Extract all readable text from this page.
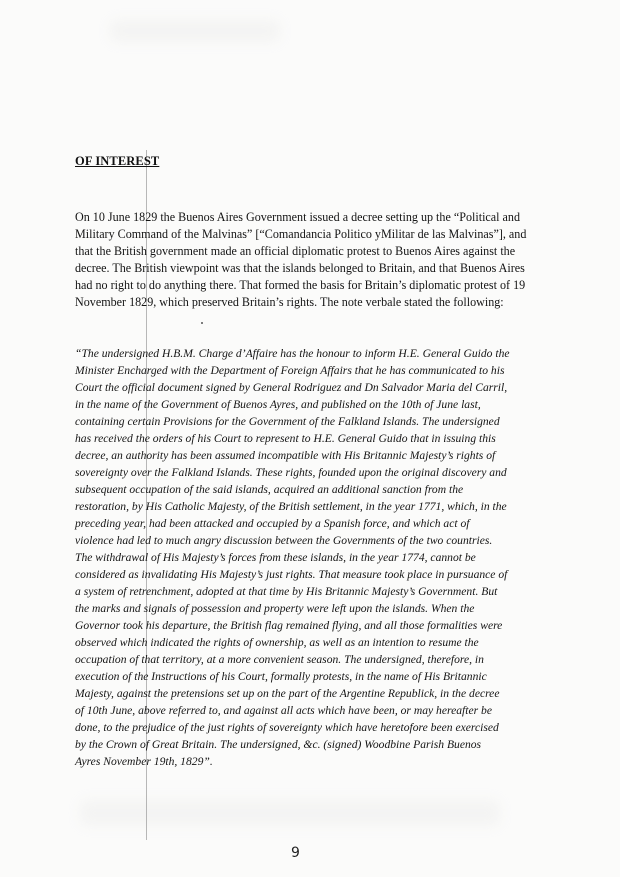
OF INTEREST
On 10 June 1829 the Buenos Aires Government issued a decree setting up the “Political and
Military Command of the Malvinas” [“Comandancia Politico yMilitar de las Malvinas”], and
that the British government made an official diplomatic protest to Buenos Aires against the
decree. The British viewpoint was that the islands belonged to Britain, and that Buenos Aires
had no right to do anything there. That formed the basis for Britain’s diplomatic protest of 19
November 1829, which preserved Britain’s rights. The note verbale stated the following:
“The undersigned H.B.M. Charge d’Affaire has the honour to inform H.E. General Guido the
Minister Encharged with the Department of Foreign Affairs that he has communicated to his
Court the official document signed by General Rodriguez and Dn Salvador Maria del Carril,
in the name of the Government of Buenos Ayres, and published on the 10th of June last,
containing certain Provisions for the Government of the Falkland Islands. The undersigned
has received the orders of his Court to represent to H.E. General Guido that in issuing this
decree, an authority has been assumed incompatible with His Britannic Majesty’s rights of
sovereignty over the Falkland Islands. These rights, founded upon the original discovery and
subsequent occupation of the said islands, acquired an additional sanction from the
restoration, by His Catholic Majesty, of the British settlement, in the year 1771, which, in the
preceding year, had been attacked and occupied by a Spanish force, and which act of
violence had led to much angry discussion between the Governments of the two countries.
The withdrawal of His Majesty’s forces from these islands, in the year 1774, cannot be
considered as invalidating His Majesty’s just rights. That measure took place in pursuance of
a system of retrenchment, adopted at that time by His Britannic Majesty’s Government. But
the marks and signals of possession and property were left upon the islands. When the
Governor took his departure, the British flag remained flying, and all those formalities were
observed which indicated the rights of ownership, as well as an intention to resume the
occupation of that territory, at a more convenient season. The undersigned, therefore, in
execution of the Instructions of his Court, formally protests, in the name of His Britannic
Majesty, against the pretensions set up on the part of the Argentine Republick, in the decree
of 10th June, above referred to, and against all acts which have been, or may hereafter be
done, to the prejudice of the just rights of sovereignty which have heretofore been exercised
by the Crown of Great Britain. The undersigned, &c. (signed) Woodbine Parish Buenos
Ayres November 19th, 1829”.
9
